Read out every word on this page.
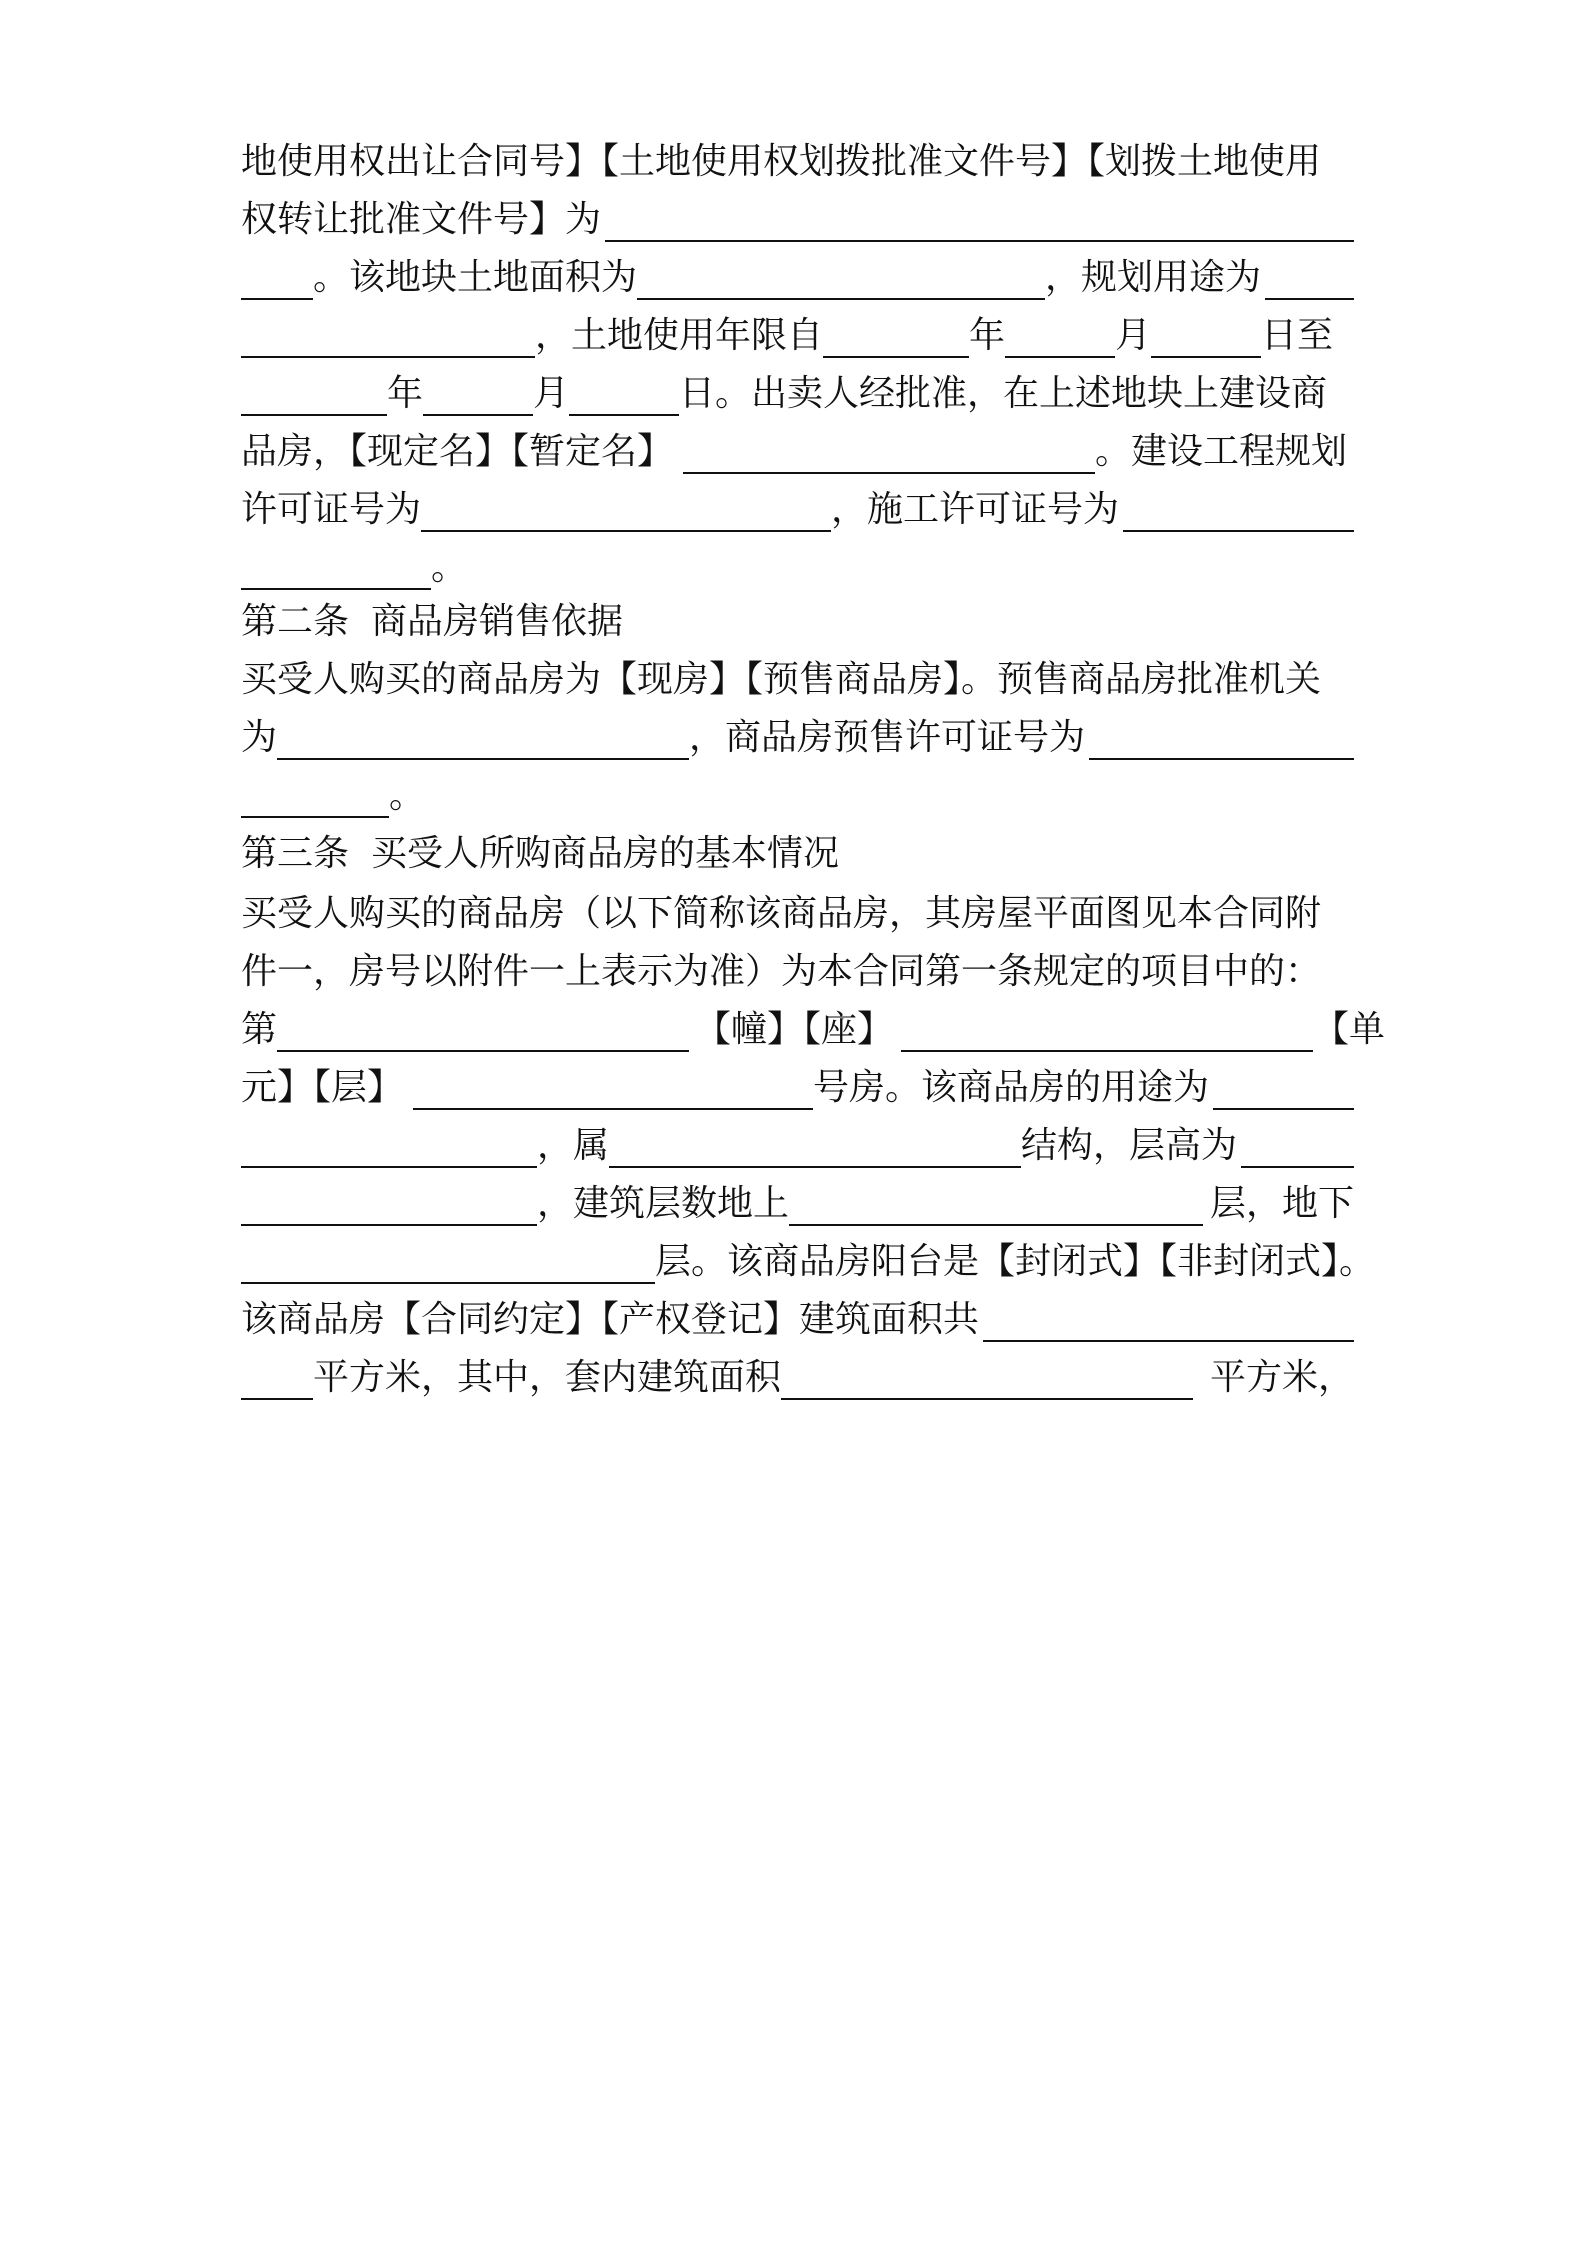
地使用权出让合同号】【土地使用权划拨批准文件号】【划拨土地使用
权转让批准文件号】为
。该地块土地面积为	，规划用途为
，土地使用年限自	年	月	日至
年	月	日。出卖人经批准，在上述地块上建设商
品房，【现定名】【暂定名】	。建设工程规划
许可证号为	，施工许可证号为
。
第二条 商品房销售依据
买受人购买的商品房为【现房】【预售商品房】。预售商品房批准机关
为	，商品房预售许可证号为
。
第三条 买受人所购商品房的基本情况
买受人购买的商品房（以下简称该商品房，其房屋平面图见本合同附
件一，房号以附件一上表示为准）为本合同第一条规定的项目中的：
第	【幢】【座】	【单
元】【层】	号房。该商品房的用途为
，属	结构，层高为
，建筑层数地上	层，地下
层。该商品房阳台是【封闭式】【非封闭式】。
该商品房【合同约定】【产权登记】建筑面积共
平方米，其中，套内建筑面积	平方米，
